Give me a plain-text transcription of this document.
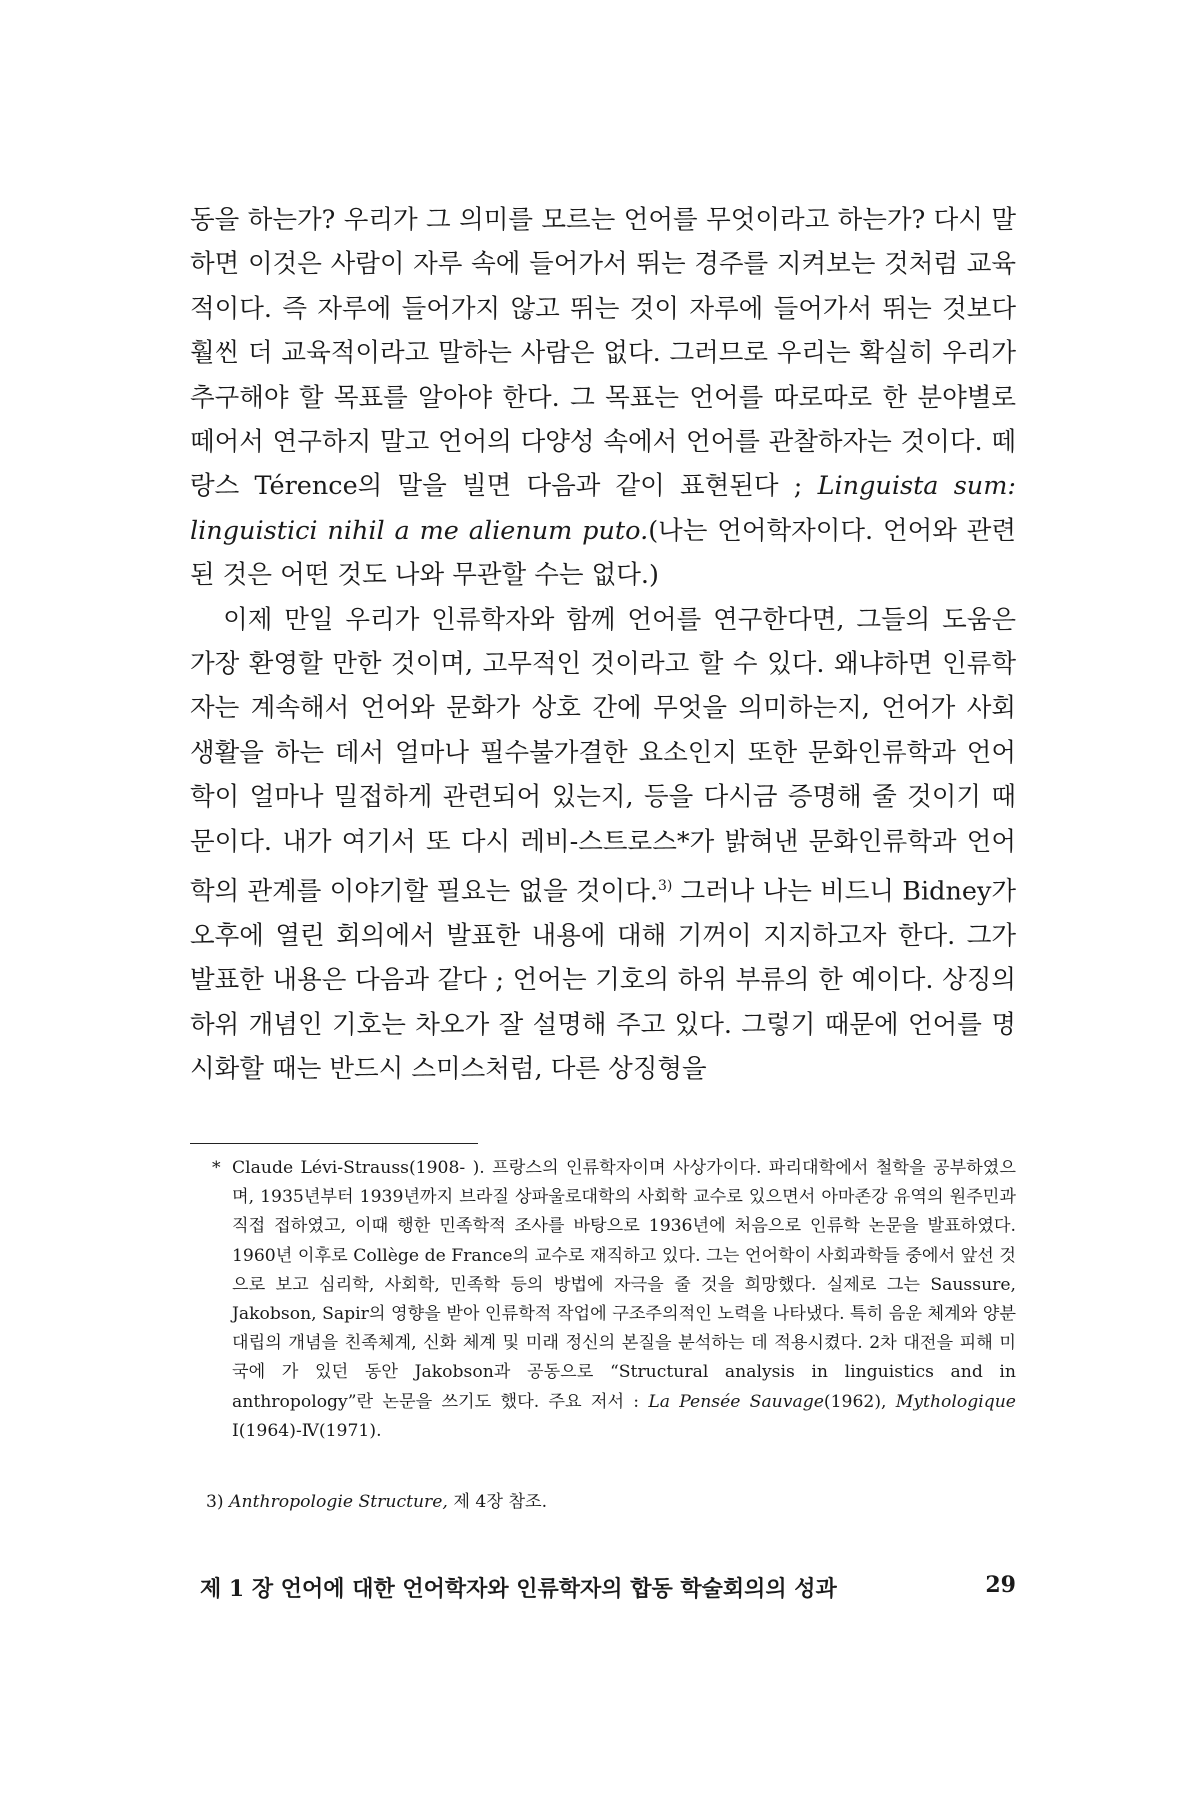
동을 하는가? 우리가 그 의미를 모르는 언어를 무엇이라고 하는가? 다시 말하면 이것은 사람이 자루 속에 들어가서 뛰는 경주를 지켜보는 것처럼 교육적이다. 즉 자루에 들어가지 않고 뛰는 것이 자루에 들어가서 뛰는 것보다 훨씬 더 교육적이라고 말하는 사람은 없다. 그러므로 우리는 확실히 우리가 추구해야 할 목표를 알아야 한다. 그 목표는 언어를 따로따로 한 분야별로 떼어서 연구하지 말고 언어의 다양성 속에서 언어를 관찰하자는 것이다. 떼랑스 Térence의 말을 빌면 다음과 같이 표현된다 ; Linguista sum: linguistici nihil a me alienum puto.(나는 언어학자이다. 언어와 관련된 것은 어떤 것도 나와 무관할 수는 없다.)

이제 만일 우리가 인류학자와 함께 언어를 연구한다면, 그들의 도움은 가장 환영할 만한 것이며, 고무적인 것이라고 할 수 있다. 왜냐하면 인류학자는 계속해서 언어와 문화가 상호 간에 무엇을 의미하는지, 언어가 사회 생활을 하는 데서 얼마나 필수불가결한 요소인지 또한 문화인류학과 언어학이 얼마나 밀접하게 관련되어 있는지, 등을 다시금 증명해 줄 것이기 때문이다. 내가 여기서 또 다시 레비-스트로스*가 밝혀낸 문화인류학과 언어학의 관계를 이야기할 필요는 없을 것이다.$^{3)}$ 그러나 나는 비드니 Bidney가 오후에 열린 회의에서 발표한 내용에 대해 기꺼이 지지하고자 한다. 그가 발표한 내용은 다음과 같다 ; 언어는 기호의 하위 부류의 한 예이다. 상징의 하위 개념인 기호는 차오가 잘 설명해 주고 있다. 그렇기 때문에 언어를 명시화할 때는 반드시 스미스처럼, 다른 상징형을

* Claude Lévi-Strauss(1908- ). 프랑스의 인류학자이며 사상가이다. 파리대학에서 철학을 공부하였으며, 1935년부터 1939년까지 브라질 상파울로대학의 사회학 교수로 있으면서 아마존강 유역의 원주민과 직접 접하였고, 이때 행한 민족학적 조사를 바탕으로 1936년에 처음으로 인류학 논문을 발표하였다. 1960년 이후로 Collège de France의 교수로 재직하고 있다. 그는 언어학이 사회과학들 중에서 앞선 것으로 보고 심리학, 사회학, 민족학 등의 방법에 자극을 줄 것을 희망했다. 실제로 그는 Saussure, Jakobson, Sapir의 영향을 받아 인류학적 작업에 구조주의적인 노력을 나타냈다. 특히 음운 체계와 양분 대립의 개념을 친족체계, 신화 체계 및 미래 정신의 본질을 분석하는 데 적용시켰다. 2차 대전을 피해 미국에 가 있던 동안 Jakobson과 공동으로 “Structural analysis in linguistics and in anthropology”란 논문을 쓰기도 했다. 주요 저서 : La Pensée Sauvage(1962), Mythologique Ⅰ(1964)-Ⅳ(1971).
3) Anthropologie Structure, 제 4장 참조.
제 1 장 언어에 대한 언어학자와 인류학자의 합동 학술회의의 성과	29
